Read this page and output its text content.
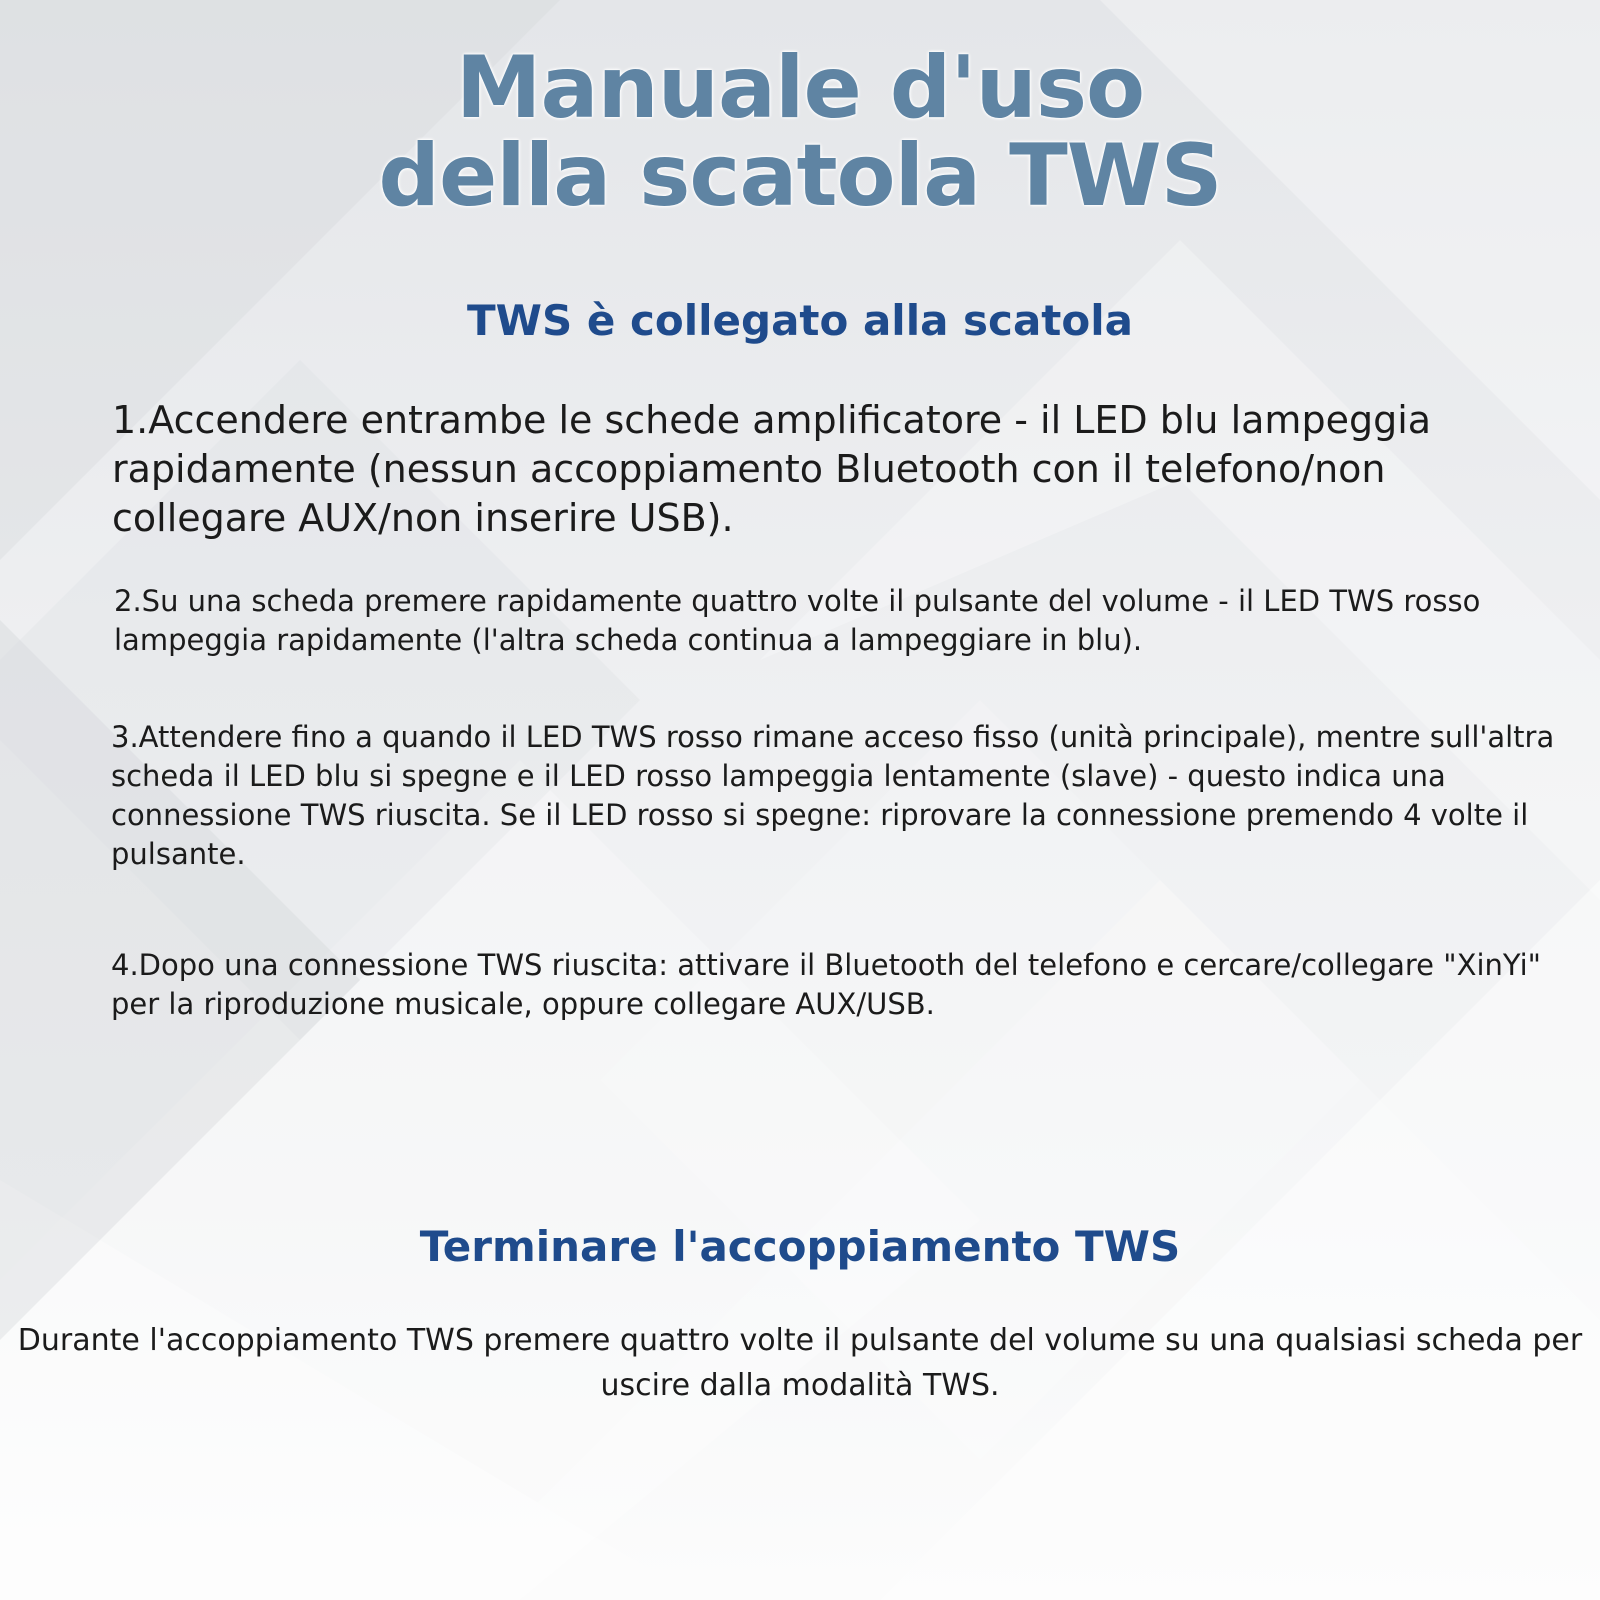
Manuale d'uso
della scatola TWS
TWS è collegato alla scatola

1.Accendere entrambe le schede amplificatore - il LED blu lampeggia rapidamente (nessun accoppiamento Bluetooth con il telefono/non collegare AUX/non inserire USB).

2.Su una scheda premere rapidamente quattro volte il pulsante del volume - il LED TWS rosso lampeggia rapidamente (l'altra scheda continua a lampeggiare in blu).

3.Attendere fino a quando il LED TWS rosso rimane acceso fisso (unità principale), mentre sull'altra scheda il LED blu si spegne e il LED rosso lampeggia lentamente (slave) - questo indica una connessione TWS riuscita. Se il LED rosso si spegne: riprovare la connessione premendo 4 volte il pulsante.

4.Dopo una connessione TWS riuscita: attivare il Bluetooth del telefono e cercare/collegare "XinYi" per la riproduzione musicale, oppure collegare AUX/USB.

Terminare l'accoppiamento TWS

Durante l'accoppiamento TWS premere quattro volte il pulsante del volume su una qualsiasi scheda per uscire dalla modalità TWS.
